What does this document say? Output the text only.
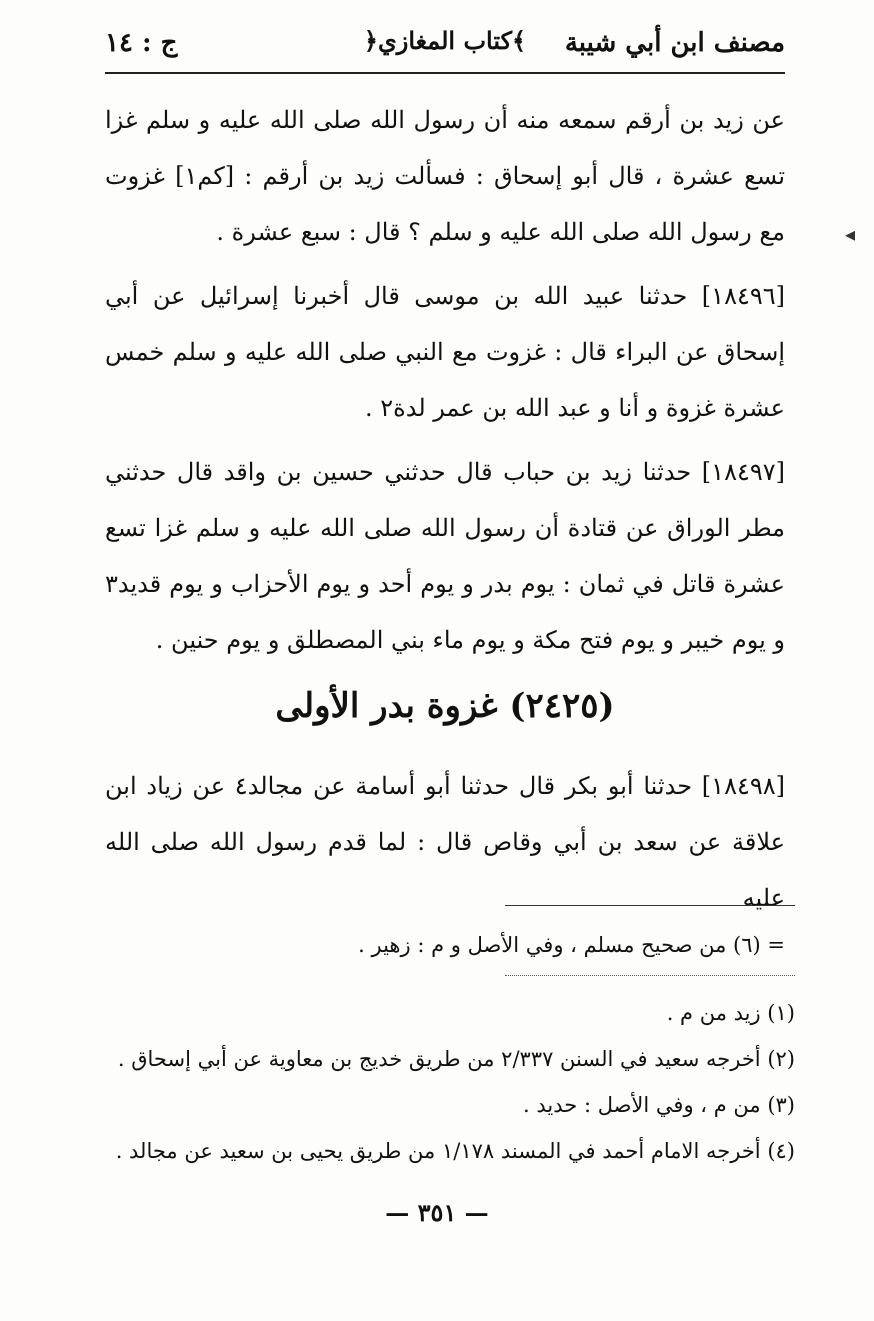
مصنف ابن أبي شيبة
﴿كتاب المغازي﴾
ج : ١٤

عن زيد بن أرقم سمعه منه أن رسول الله صلى الله عليه و سلم غزا تسع عشرة ، قال أبو إسحاق : فسألت زيد بن أرقم : [كم١] غزوت مع رسول الله صلى الله عليه و سلم ؟ قال : سبع عشرة .

[١٨٤٩٦] حدثنا عبيد الله بن موسى قال أخبرنا إسرائيل عن أبي إسحاق عن البراء قال : غزوت مع النبي صلى الله عليه و سلم خمس عشرة غزوة و أنا و عبد الله بن عمر لدة٢ .

[١٨٤٩٧] حدثنا زيد بن حباب قال حدثني حسين بن واقد قال حدثني مطر الوراق عن قتادة أن رسول الله صلى الله عليه و سلم غزا تسع عشرة قاتل في ثمان : يوم بدر و يوم أحد و يوم الأحزاب و يوم قديد٣ و يوم خيبر و يوم فتح مكة و يوم ماء بني المصطلق و يوم حنين .

(٢٤٢٥) غزوة بدر الأولى

[١٨٤٩٨] حدثنا أبو بكر قال حدثنا أبو أسامة عن مجالد٤ عن زياد ابن علاقة عن سعد بن أبي وقاص قال : لما قدم رسول الله صلى الله عليه

= (٦) من صحيح مسلم ، وفي الأصل و م : زهير .

(١) زيد من م .

(٢) أخرجه سعيد في السنن ٢/٣٣٧ من طريق خديج بن معاوية عن أبي إسحاق .

(٣) من م ، وفي الأصل : حديد .

(٤) أخرجه الامام أحمد في المسند ١/١٧٨ من طريق يحيى بن سعيد عن مجالد .

— ٣٥١ —
◂
